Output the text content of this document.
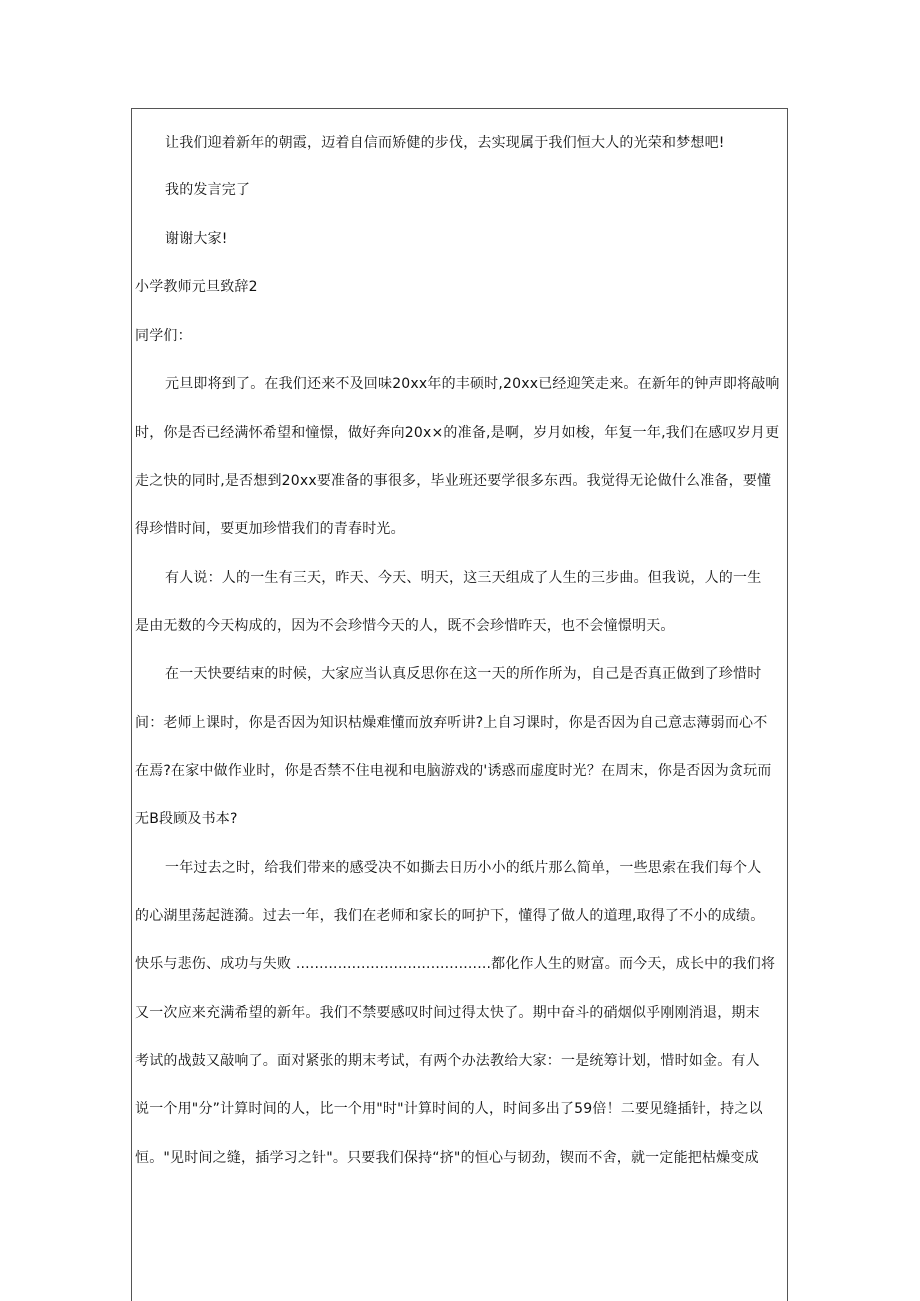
让我们迎着新年的朝霞，迈着自信而矫健的步伐，去实现属于我们恒大人的光荣和梦想吧!
我的发言完了
谢谢大家!
小学教师元旦致辞2
同学们：
元旦即将到了。在我们还来不及回味20xx年的丰硕时,20xx已经迎笑走来。在新年的钟声即将敲响
时，你是否已经满怀希望和憧憬，做好奔向20x×的准备,是啊，岁月如梭，年复一年,我们在感叹岁月更
走之快的同时,是否想到20xx要准备的事很多，毕业班还要学很多东西。我觉得无论做什么准备，要懂
得珍惜时间，要更加珍惜我们的青春时光。
有人说：人的一生有三天，昨天、今天、明天，这三天组成了人生的三步曲。但我说，人的一生
是由无数的今天构成的，因为不会珍惜今天的人，既不会珍惜昨天，也不会憧憬明天。
在一天快要结束的时候，大家应当认真反思你在这一天的所作所为，自己是否真正做到了珍惜时
间：老师上课时，你是否因为知识枯燥难懂而放弃听讲?上自习课时，你是否因为自己意志薄弱而心不
在焉?在家中做作业时，你是否禁不住电视和电脑游戏的'诱惑而虚度时光？在周末，你是否因为贪玩而
无B段顾及书本?
一年过去之时，给我们带来的感受决不如撕去日历小小的纸片那么简单，一些思索在我们每个人
的心湖里荡起涟漪。过去一年，我们在老师和家长的呵护下，懂得了做人的道理,取得了不小的成绩。
快乐与悲伤、成功与失败 ..........................................都化作人生的财富。而今天，成长中的我们将
又一次应来充满希望的新年。我们不禁要感叹时间过得太快了。期中奋斗的硝烟似乎刚刚消退，期末
考试的战鼓又敲响了。面对紧张的期末考试，有两个办法教给大家：一是统筹计划，惜时如金。有人
说一个用"分”计算时间的人，比一个用"时"计算时间的人，时间多出了59倍！二要见缝插针，持之以
恒。"见时间之缝，插学习之针"。只要我们保持“挤"的恒心与韧劲，锲而不舍，就一定能把枯燥变成
